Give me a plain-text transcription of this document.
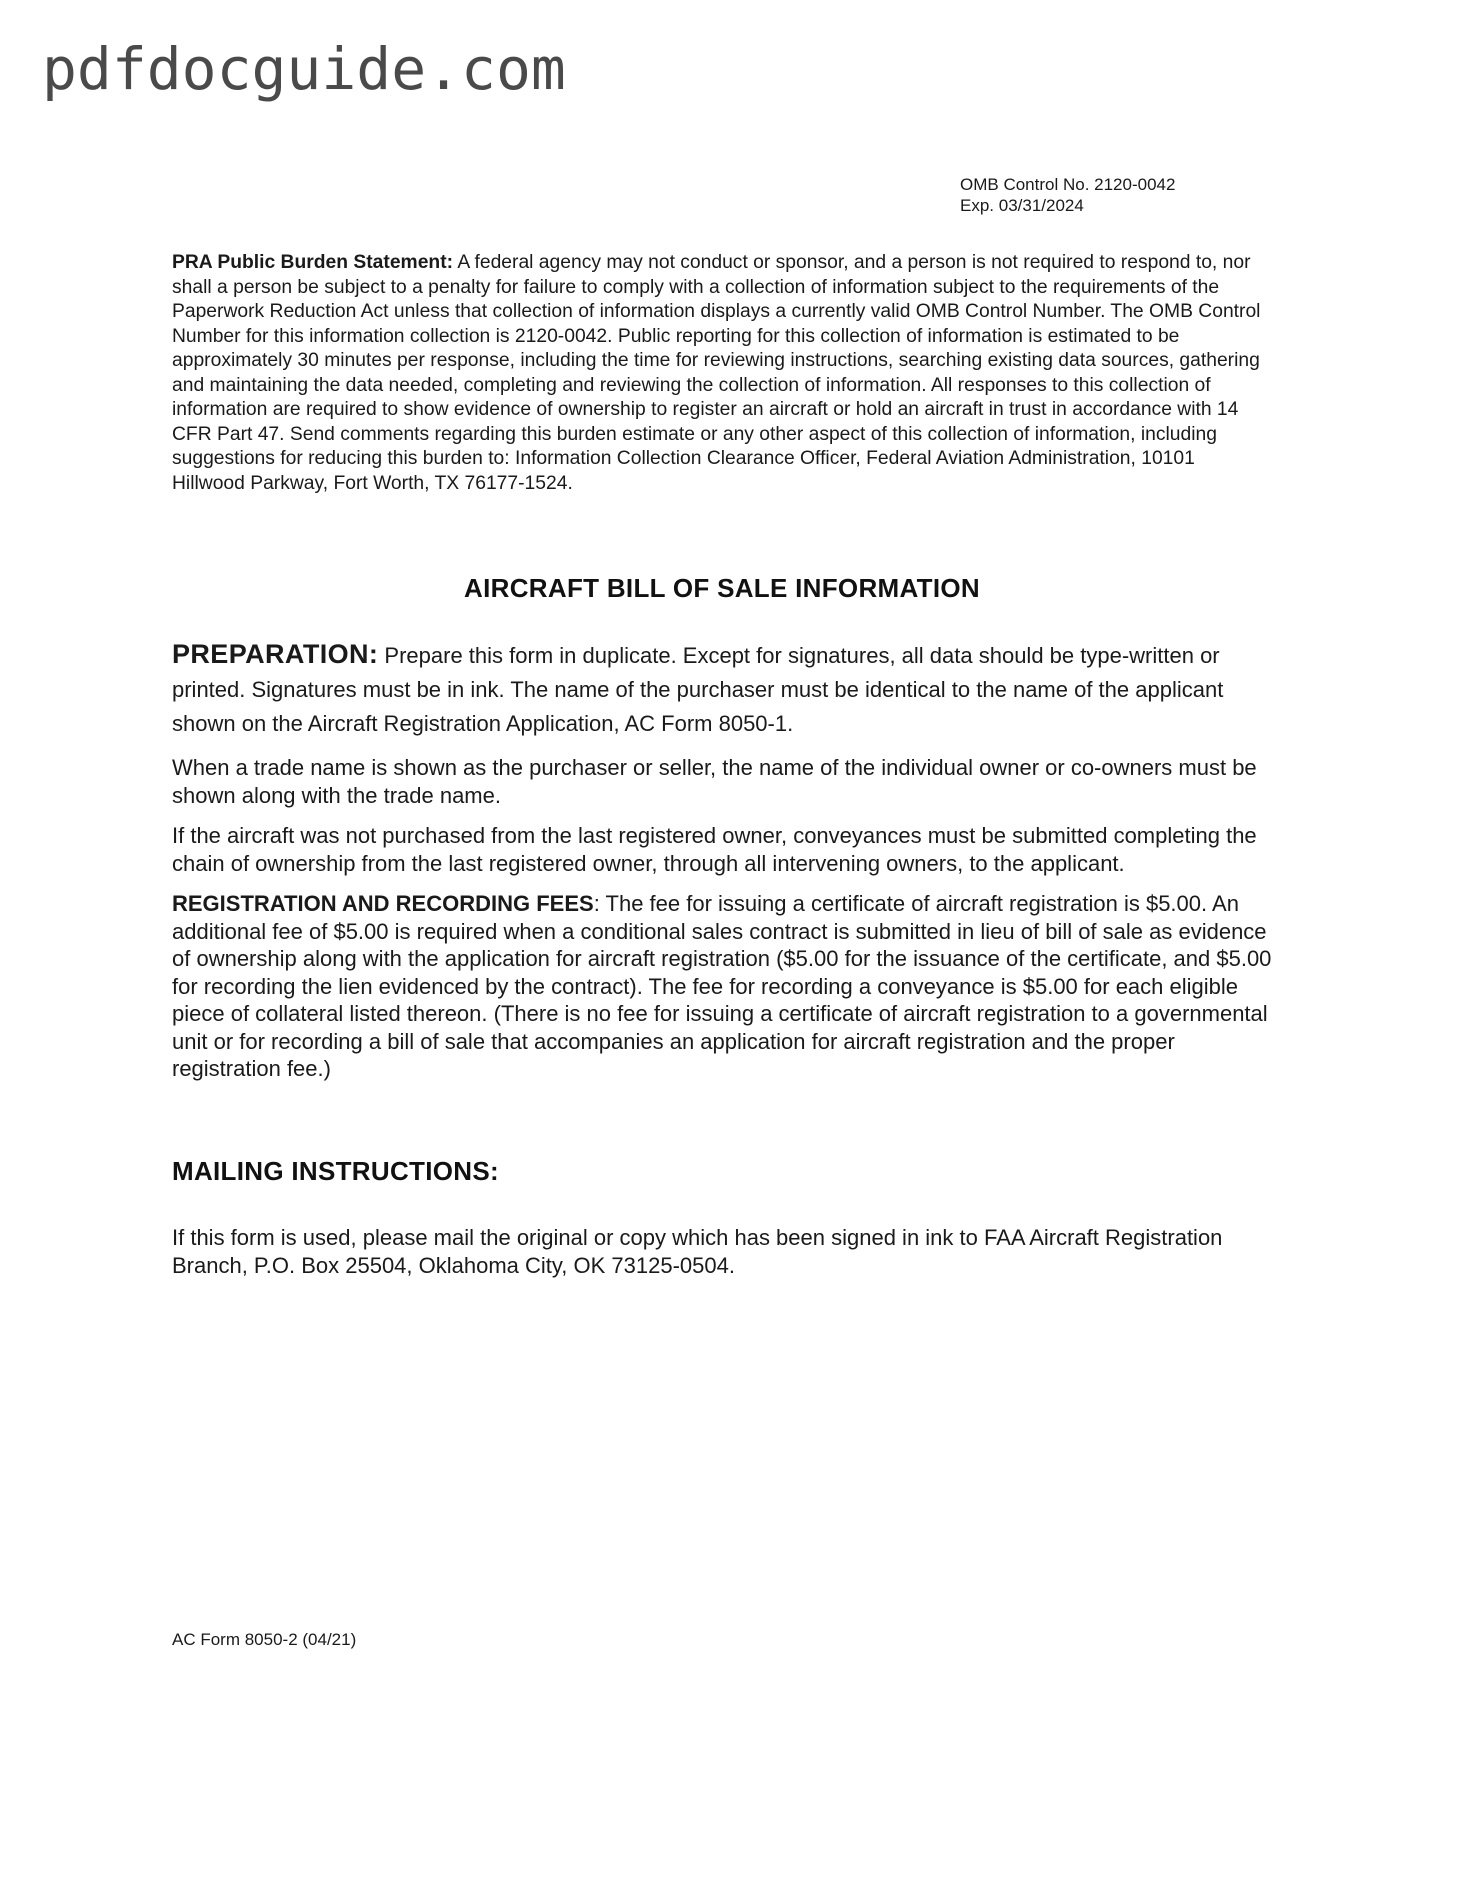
pdfdocguide.com
OMB Control No. 2120-0042
Exp. 03/31/2024

PRA Public Burden Statement: A federal agency may not conduct or sponsor, and a person is not required to respond to, nor shall a person be subject to a penalty for failure to comply with a collection of information subject to the requirements of the Paperwork Reduction Act unless that collection of information displays a currently valid OMB Control Number. The OMB Control Number for this information collection is 2120-0042. Public reporting for this collection of information is estimated to be approximately 30 minutes per response, including the time for reviewing instructions, searching existing data sources, gathering and maintaining the data needed, completing and reviewing the collection of information. All responses to this collection of information are required to show evidence of ownership to register an aircraft or hold an aircraft in trust in accordance with 14 CFR Part 47. Send comments regarding this burden estimate or any other aspect of this collection of information, including suggestions for reducing this burden to: Information Collection Clearance Officer, Federal Aviation Administration, 10101 Hillwood Parkway, Fort Worth, TX 76177-1524.

AIRCRAFT BILL OF SALE INFORMATION

PREPARATION: Prepare this form in duplicate. Except for signatures, all data should be type-written or printed. Signatures must be in ink. The name of the purchaser must be identical to the name of the applicant shown on the Aircraft Registration Application, AC Form 8050-1.

When a trade name is shown as the purchaser or seller, the name of the individual owner or co-owners must be shown along with the trade name.

If the aircraft was not purchased from the last registered owner, conveyances must be submitted completing the chain of ownership from the last registered owner, through all intervening owners, to the applicant.

REGISTRATION AND RECORDING FEES: The fee for issuing a certificate of aircraft registration is $5.00. An additional fee of $5.00 is required when a conditional sales contract is submitted in lieu of bill of sale as evidence of ownership along with the application for aircraft registration ($5.00 for the issuance of the certificate, and $5.00 for recording the lien evidenced by the contract). The fee for recording a conveyance is $5.00 for each eligible piece of collateral listed thereon. (There is no fee for issuing a certificate of aircraft registration to a governmental unit or for recording a bill of sale that accompanies an application for aircraft registration and the proper registration fee.)

MAILING INSTRUCTIONS:

If this form is used, please mail the original or copy which has been signed in ink to FAA Aircraft Registration Branch, P.O. Box 25504, Oklahoma City, OK 73125-0504.

AC Form 8050-2 (04/21)
